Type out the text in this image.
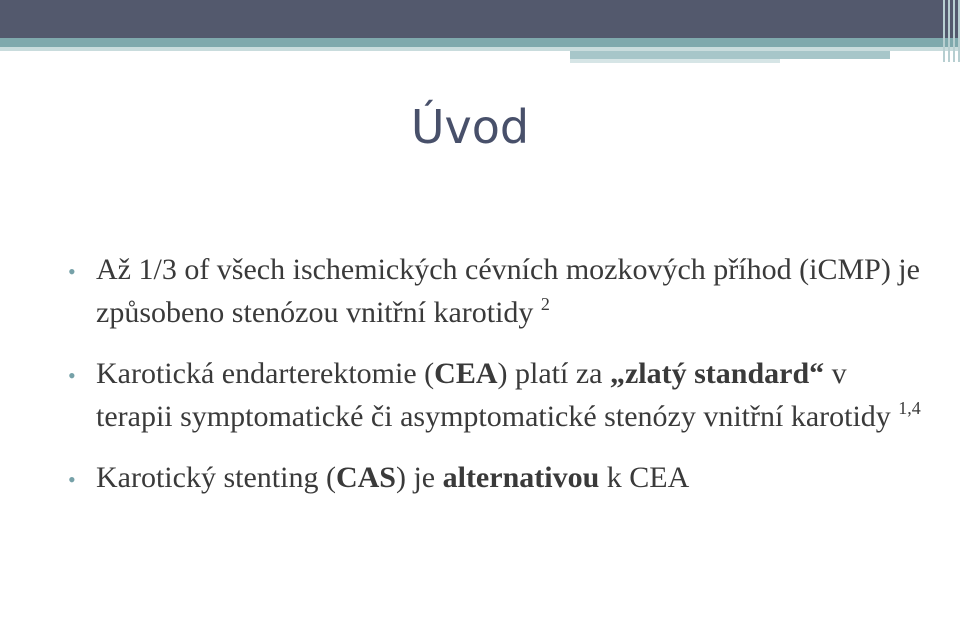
Úvod
• Až 1/3 of všech ischemických cévních mozkových příhod (iCMP) je způsobeno stenózou vnitřní karotidy $^2$
• Karotická endarterektomie (CEA) platí za „zlatý standard“ v terapii symptomatické či asymptomatické stenózy vnitřní karotidy $^{1,4}$
• Karotický stenting (CAS) je alternativou k CEA
